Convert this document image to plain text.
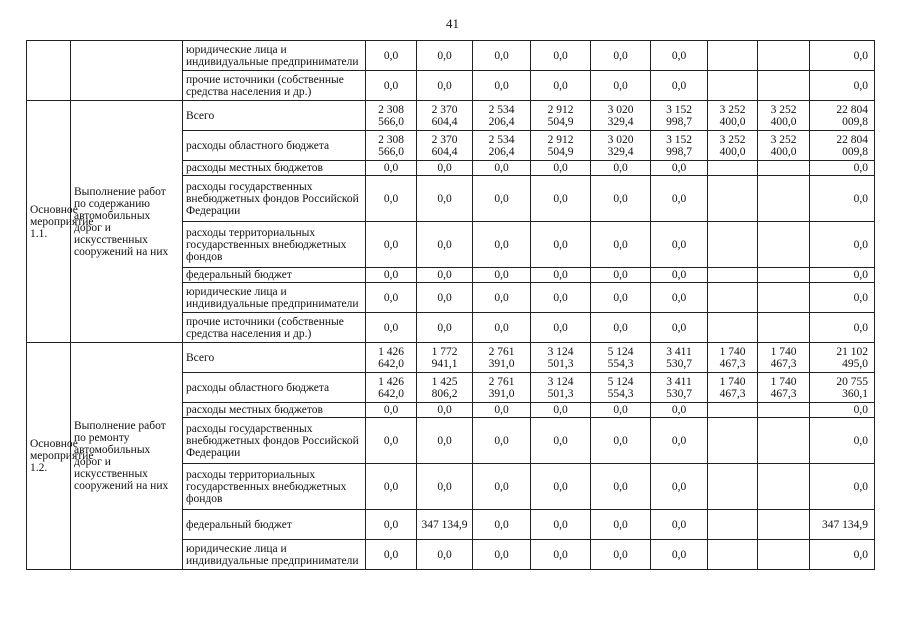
41
		юридические лица и индивидуальные предприниматели	0,0	0,0	0,0	0,0	0,0	0,0			0,0
		прочие источники (собственные средства населения и др.)	0,0	0,0	0,0	0,0	0,0	0,0			0,0
Основное мероприятие 1.1.	Выполнение работ по содержанию автомобильных дорог и искусственных сооружений на них	Всего	2 308 566,0	2 370 604,4	2 534 206,4	2 912 504,9	3 020 329,4	3 152 998,7	3 252 400,0	3 252 400,0	22 804 009,8
		расходы областного бюджета	2 308 566,0	2 370 604,4	2 534 206,4	2 912 504,9	3 020 329,4	3 152 998,7	3 252 400,0	3 252 400,0	22 804 009,8
		расходы местных бюджетов	0,0	0,0	0,0	0,0	0,0	0,0			0,0
		расходы государственных внебюджетных фондов Российской Федерации	0,0	0,0	0,0	0,0	0,0	0,0			0,0
		расходы территориальных государственных внебюджетных фондов	0,0	0,0	0,0	0,0	0,0	0,0			0,0
		федеральный бюджет	0,0	0,0	0,0	0,0	0,0	0,0			0,0
		юридические лица и индивидуальные предприниматели	0,0	0,0	0,0	0,0	0,0	0,0			0,0
		прочие источники (собственные средства населения и др.)	0,0	0,0	0,0	0,0	0,0	0,0			0,0
Основное мероприятие 1.2.	Выполнение работ по ремонту автомобильных дорог и искусственных сооружений на них	Всего	1 426 642,0	1 772 941,1	2 761 391,0	3 124 501,3	5 124 554,3	3 411 530,7	1 740 467,3	1 740 467,3	21 102 495,0
		расходы областного бюджета	1 426 642,0	1 425 806,2	2 761 391,0	3 124 501,3	5 124 554,3	3 411 530,7	1 740 467,3	1 740 467,3	20 755 360,1
		расходы местных бюджетов	0,0	0,0	0,0	0,0	0,0	0,0			0,0
		расходы государственных внебюджетных фондов Российской Федерации	0,0	0,0	0,0	0,0	0,0	0,0			0,0
		расходы территориальных государственных внебюджетных фондов	0,0	0,0	0,0	0,0	0,0	0,0			0,0
		федеральный бюджет	0,0	347 134,9	0,0	0,0	0,0	0,0			347 134,9
		юридические лица и индивидуальные предприниматели	0,0	0,0	0,0	0,0	0,0	0,0			0,0
